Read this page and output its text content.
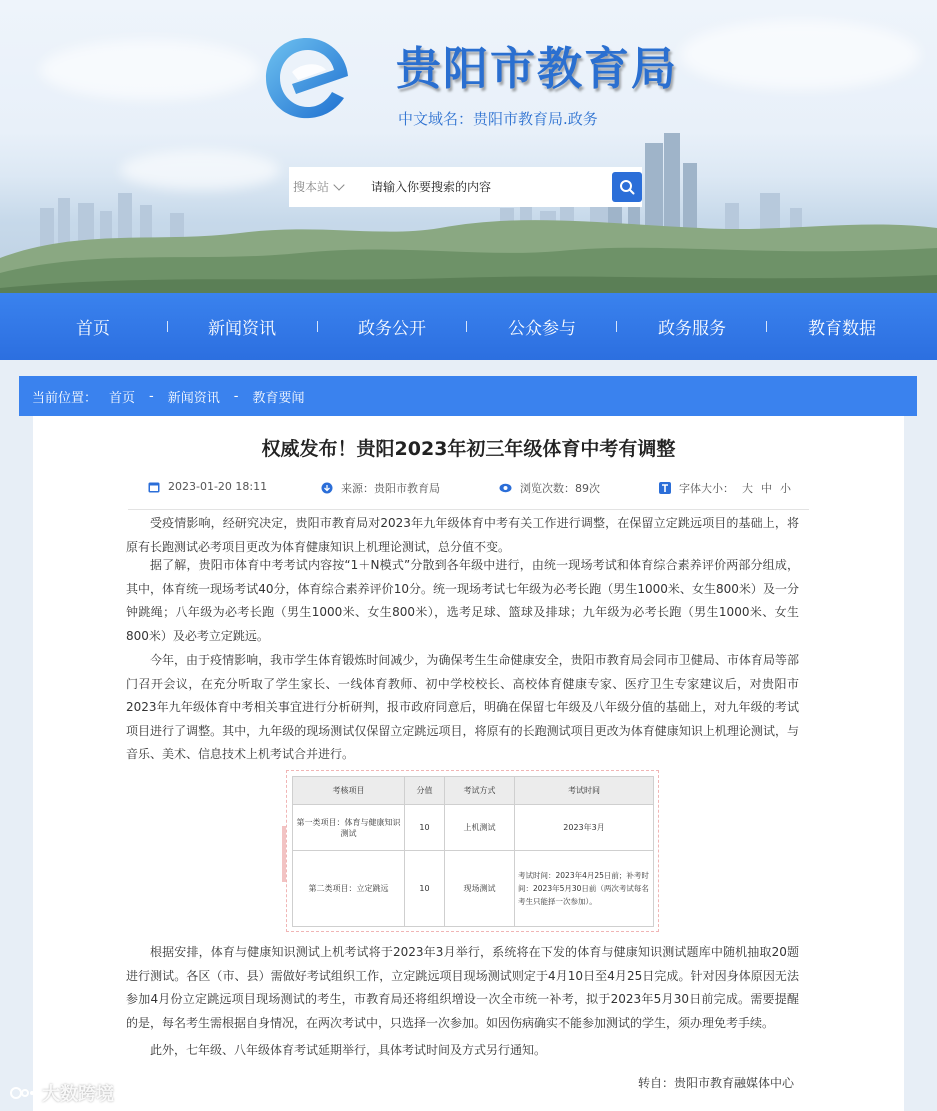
贵阳市教育局
中文域名：贵阳市教育局.政务
搜本站
请输入你要搜索的内容
首页	新闻资讯	政务公开	公众参与	政务服务	教育数据
当前位置： 首页 - 新闻资讯 - 教育要闻
权威发布！贵阳2023年初三年级体育中考有调整
2023-01-20 18:11	来源：贵阳市教育局	浏览次数：89次	字体大小： 大 中 小
受疫情影响，经研究决定，贵阳市教育局对2023年九年级体育中考有关工作进行调整，在保留立定跳远项目的基础上，将原有长跑测试必考项目更改为体育健康知识上机理论测试，总分值不变。
据了解，贵阳市体育中考考试内容按“1＋N模式”分散到各年级中进行，由统一现场考试和体育综合素养评价两部分组成，其中，体育统一现场考试40分，体育综合素养评价10分。统一现场考试七年级为必考长跑（男生1000米、女生800米）及一分钟跳绳；八年级为必考长跑（男生1000米、女生800米），选考足球、篮球及排球；九年级为必考长跑（男生1000米、女生800米）及必考立定跳远。
今年，由于疫情影响，我市学生体育锻炼时间减少，为确保考生生命健康安全，贵阳市教育局会同市卫健局、市体育局等部门召开会议，在充分听取了学生家长、一线体育教师、初中学校校长、高校体育健康专家、医疗卫生专家建议后，对贵阳市2023年九年级体育中考相关事宜进行分析研判，报市政府同意后，明确在保留七年级及八年级分值的基础上，对九年级的考试项目进行了调整。其中，九年级的现场测试仅保留立定跳远项目，将原有的长跑测试项目更改为体育健康知识上机理论测试，与音乐、美术、信息技术上机考试合并进行。
考核项目	分值	考试方式	考试时间
第一类项目：体育与健康知识测试	10	上机测试	2023年3月
第二类项目：立定跳远	10	现场测试	考试时间：2023年4月25日前；补考时间：2023年5月30日前（两次考试每名考生只能择一次参加）。
根据安排，体育与健康知识测试上机考试将于2023年3月举行，系统将在下发的体育与健康知识测试题库中随机抽取20题进行测试。各区（市、县）需做好考试组织工作，立定跳远项目现场测试则定于4月10日至4月25日完成。针对因身体原因无法参加4月份立定跳远项目现场测试的考生，市教育局还将组织增设一次全市统一补考，拟于2023年5月30日前完成。需要提醒的是，每名考生需根据自身情况，在两次考试中，只选择一次参加。如因伤病确实不能参加测试的学生，须办理免考手续。
此外，七年级、八年级体育考试延期举行，具体考试时间及方式另行通知。
转自：贵阳市教育融媒体中心
大数跨境
